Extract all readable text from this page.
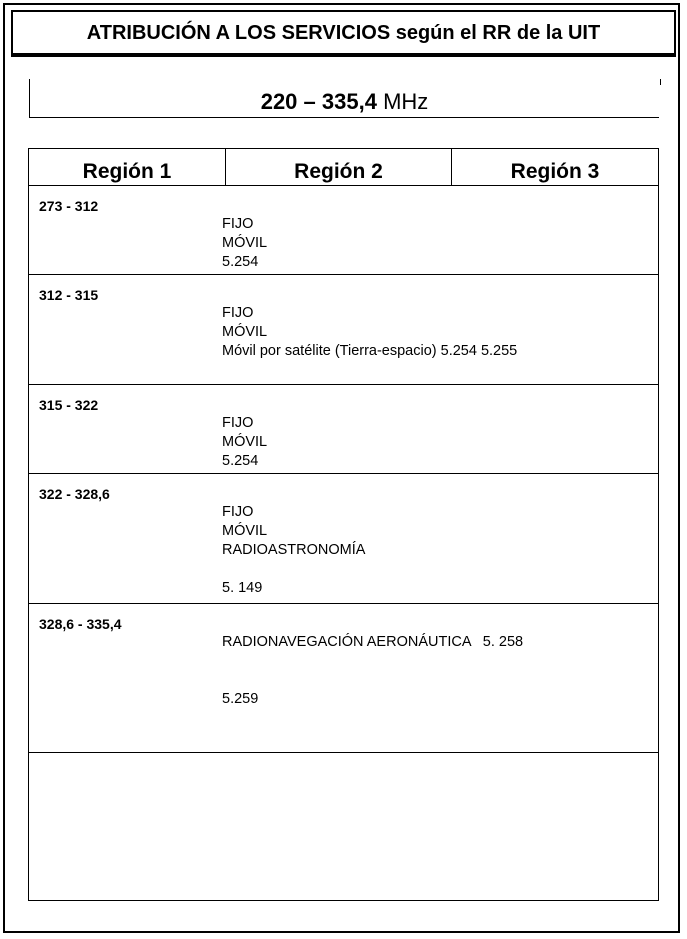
ATRIBUCIÓN A LOS SERVICIOS según el RR de la UIT
220 – 335,4
MHz
Región 1	Región 2	Región 3
273 - 312
FIJO
MÓVIL
5.254
312 - 315
FIJO
MÓVIL
Móvil por satélite (Tierra-espacio) 5.254 5.255
315 - 322
FIJO
MÓVIL
5.254
322 - 328,6
FIJO
MÓVIL
RADIOASTRONOMÍA
5. 149
328,6 - 335,4
RADIONAVEGACIÓN AERONÁUTICA   5. 258
5.259
